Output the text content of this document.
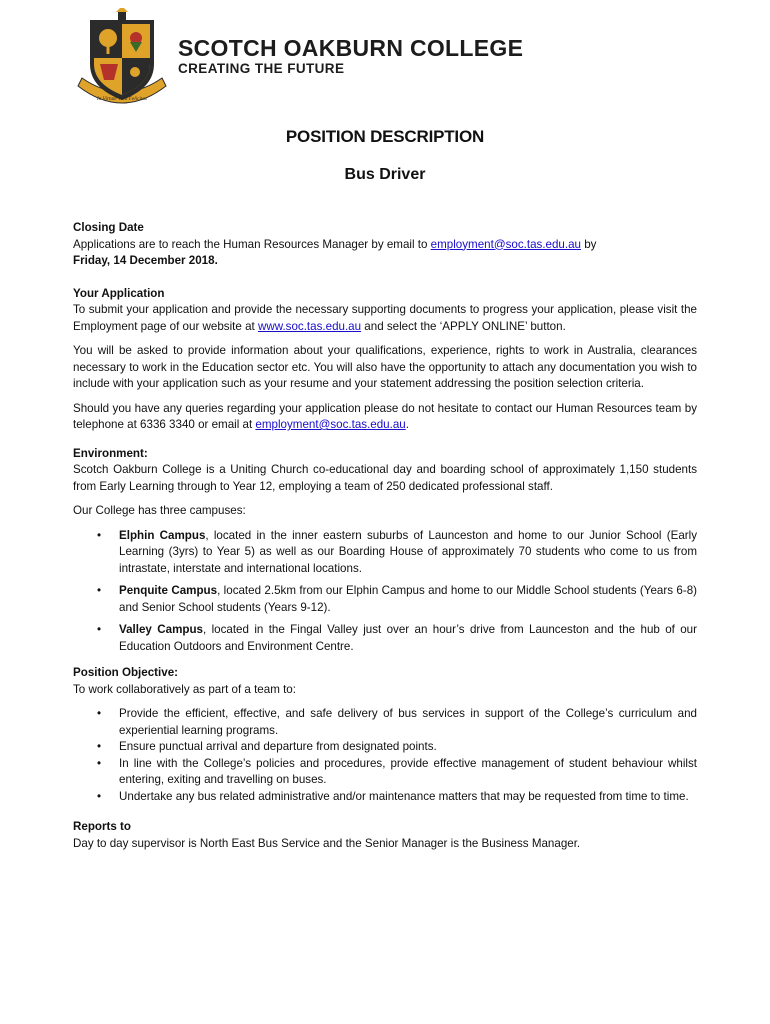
In Virtute Vera Felicitas
SCOTCH OAKBURN COLLEGE
CREATING THE FUTURE
POSITION DESCRIPTION
Bus Driver
Closing Date

Applications are to reach the Human Resources Manager by email to employment@soc.tas.edu.au by

Friday, 14 December 2018.
Your Application

To submit your application and provide the necessary supporting documents to progress your application, please visit the Employment page of our website at www.soc.tas.edu.au and select the ‘APPLY ONLINE’ button.

You will be asked to provide information about your qualifications, experience, rights to work in Australia, clearances necessary to work in the Education sector etc. You will also have the opportunity to attach any documentation you wish to include with your application such as your resume and your statement addressing the position selection criteria.

Should you have any queries regarding your application please do not hesitate to contact our Human Resources team by telephone at 6336 3340 or email at employment@soc.tas.edu.au.

Environment:

Scotch Oakburn College is a Uniting Church co-educational day and boarding school of approximately 1,150 students from Early Learning through to Year 12, employing a team of 250 dedicated professional staff.

Our College has three campuses:

• Elphin Campus, located in the inner eastern suburbs of Launceston and home to our Junior School (Early Learning (3yrs) to Year 5) as well as our Boarding House of approximately 70 students who come to us from intrastate, interstate and international locations.
• Penquite Campus, located 2.5km from our Elphin Campus and home to our Middle School students (Years 6-8) and Senior School students (Years 9-12).
• Valley Campus, located in the Fingal Valley just over an hour’s drive from Launceston and the hub of our Education Outdoors and Environment Centre.
Position Objective:

To work collaboratively as part of a team to:

• Provide the efficient, effective, and safe delivery of bus services in support of the College’s curriculum and experiential learning programs.
• Ensure punctual arrival and departure from designated points.
• In line with the College’s policies and procedures, provide effective management of student behaviour whilst entering, exiting and travelling on buses.
• Undertake any bus related administrative and/or maintenance matters that may be requested from time to time.
Reports to

Day to day supervisor is North East Bus Service and the Senior Manager is the Business Manager.
